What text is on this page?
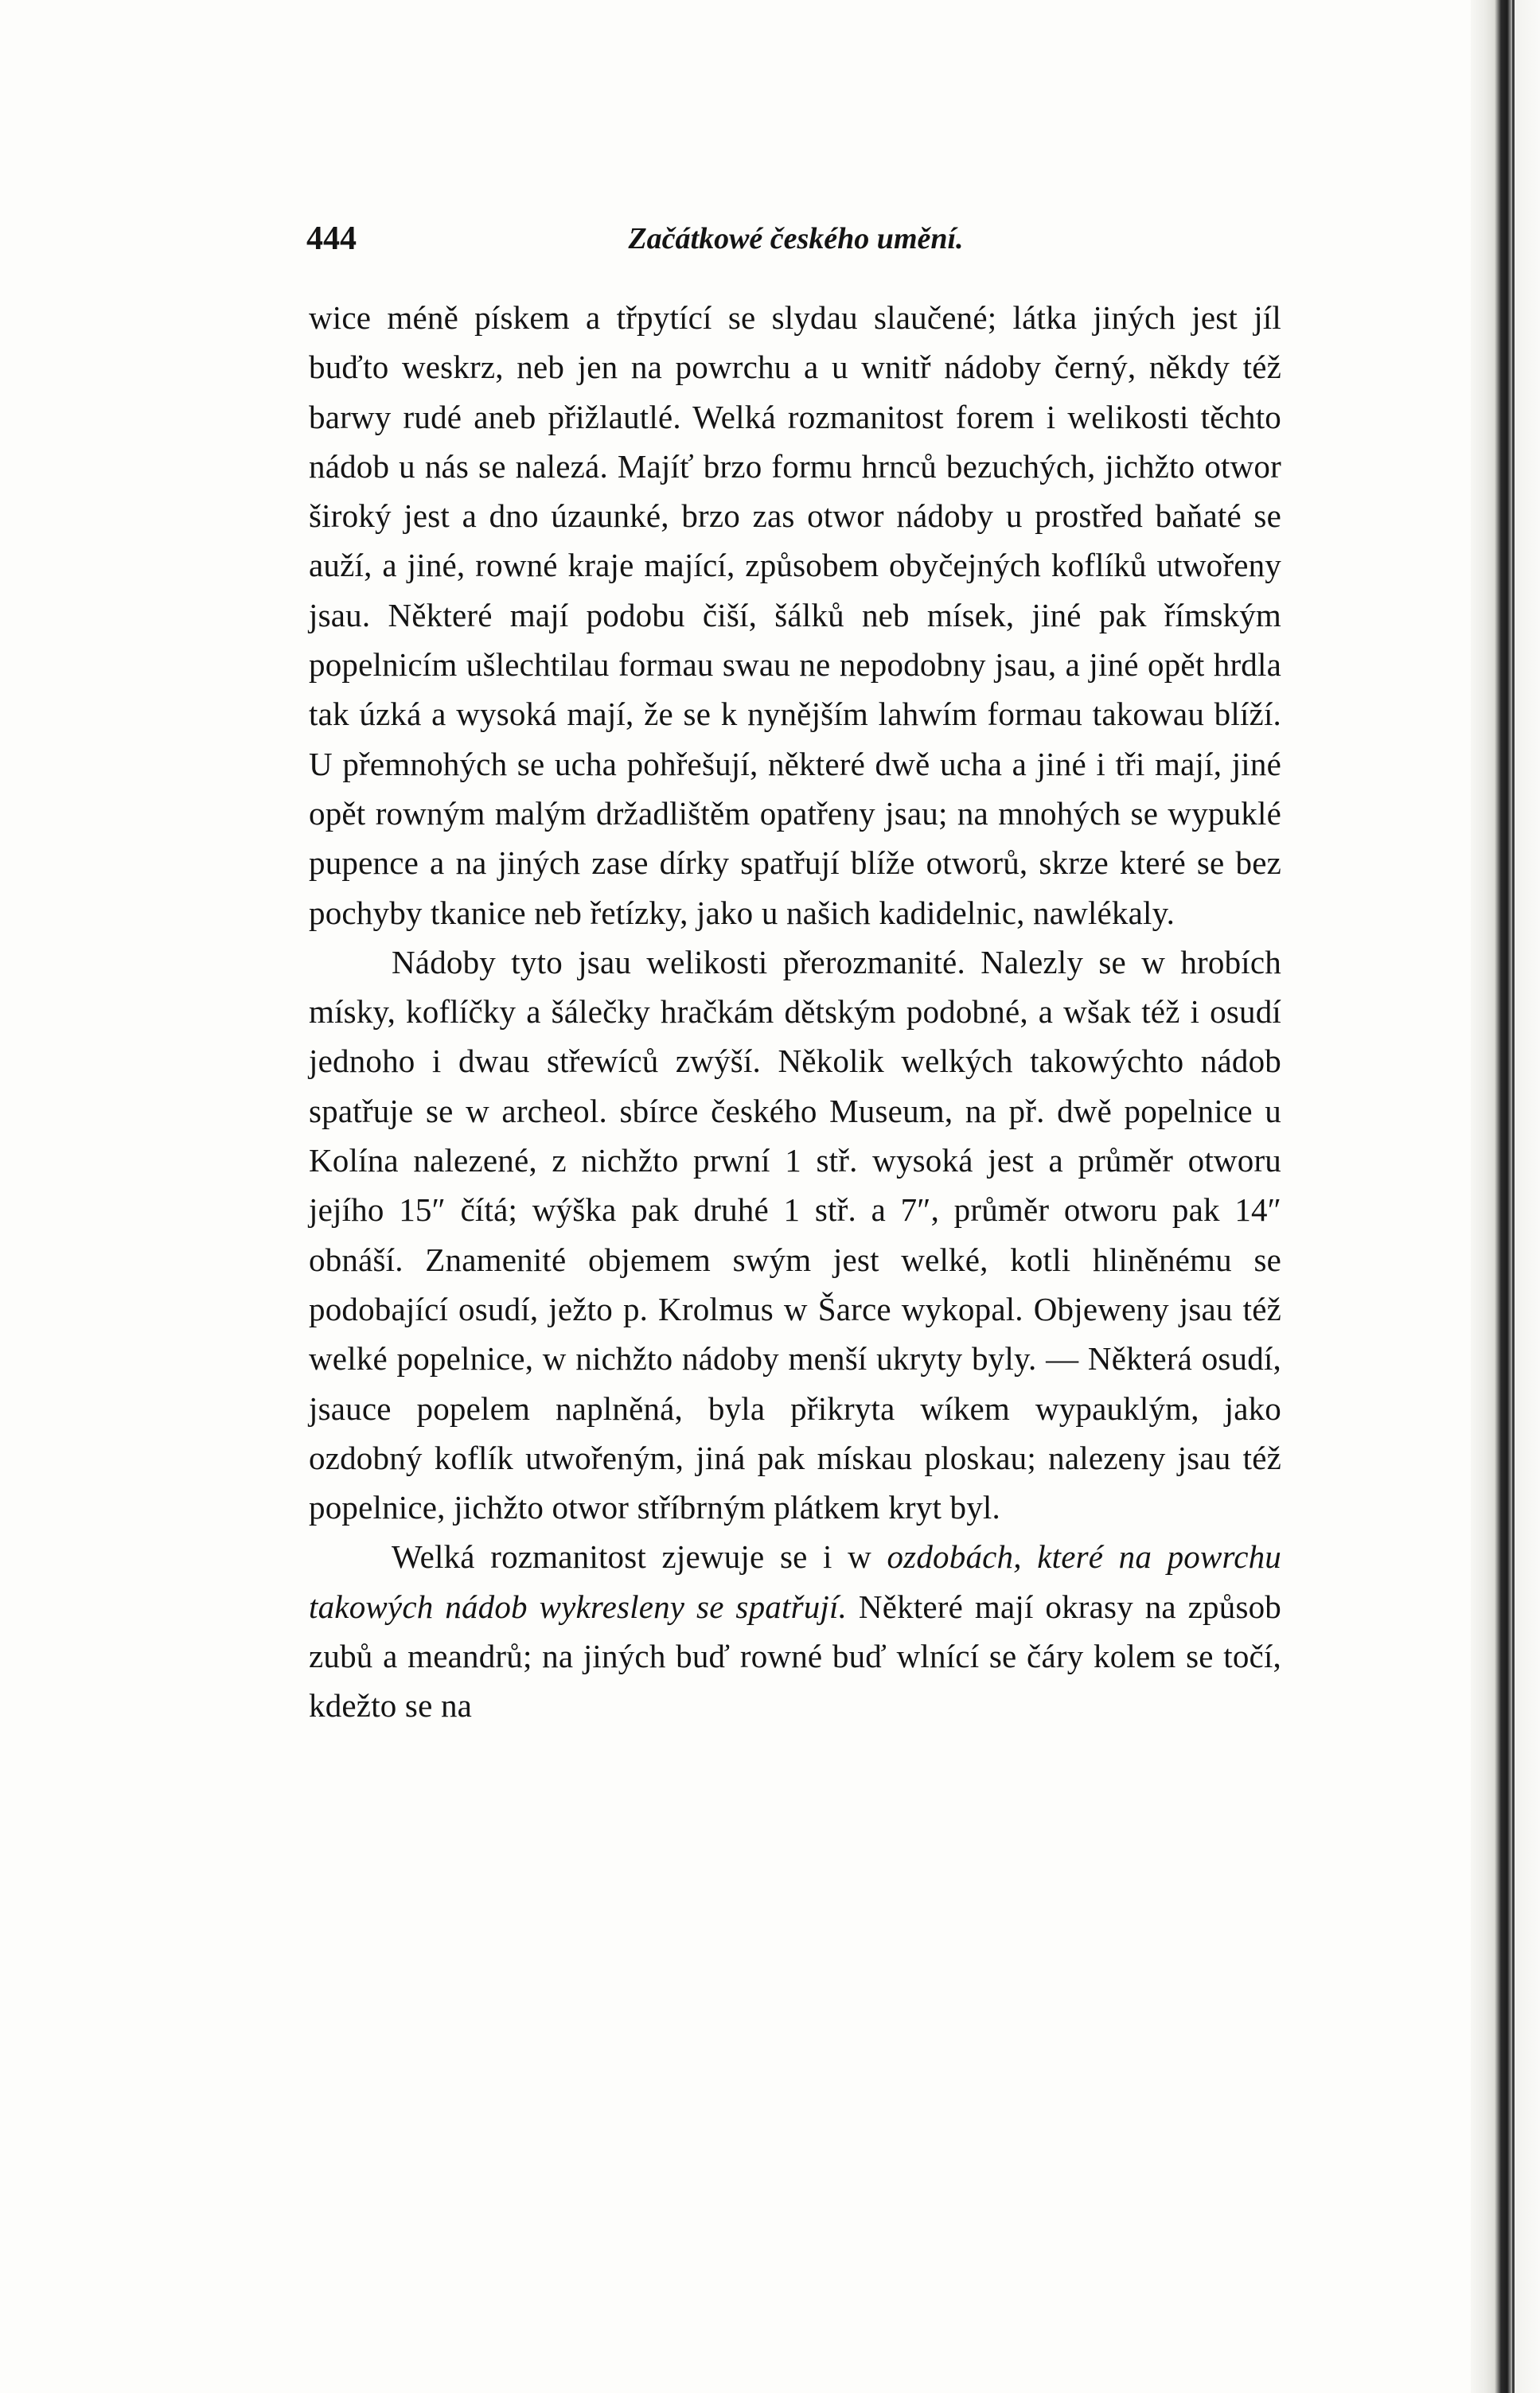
444	Začátkowé českého umění.

wice méně pískem a třpytící se slydau slaučené; látka jiných jest jíl buďto weskrz, neb jen na powrchu a u wnitř nádoby černý, někdy též barwy rudé aneb přižlautlé. Welká rozmanitost forem i welikosti těchto nádob u nás se nalezá. Majíť brzo formu hrnců bezuchých, jichžto otwor široký jest a dno úzaunké, brzo zas otwor nádoby u prostřed baňaté se auží, a jiné, rowné kraje mající, způsobem obyčejných koflíků utwořeny jsau. Některé mají podobu čiší, šálků neb mísek, jiné pak římským popelnicím ušlechtilau formau swau ne nepodobny jsau, a jiné opět hrdla tak úzká a wysoká mají, že se k nynějším lahwím formau takowau blíží. U přemnohých se ucha pohřešují, některé dwě ucha a jiné i tři mají, jiné opět rowným malým držadlištěm opatřeny jsau; na mnohých se wypuklé pupence a na jiných zase dírky spatřují blíže otworů, skrze které se bez pochyby tkanice neb řetízky, jako u našich kadidelnic, nawlékaly.

Nádoby tyto jsau welikosti přerozmanité. Nalezly se w hrobích mísky, koflíčky a šálečky hračkám dětským podobné, a wšak též i osudí jednoho i dwau střewíců zwýší. Několik welkých takowýchto nádob spatřuje se w archeol. sbírce českého Museum, na př. dwě popelnice u Kolína nalezené, z nichžto prwní 1 stř. wysoká jest a průměr otworu jejího 15″ čítá; wýška pak druhé 1 stř. a 7″, průměr otworu pak 14″ obnáší. Znamenité objemem swým jest welké, kotli hliněnému se podobající osudí, ježto p. Krolmus w Šarce wykopal. Objeweny jsau též welké popelnice, w nichžto nádoby menší ukryty byly. — Některá osudí, jsauce popelem naplněná, byla přikryta wíkem wypauklým, jako ozdobný koflík utwořeným, jiná pak mískau ploskau; nalezeny jsau též popelnice, jichžto otwor stříbrným plátkem kryt byl.

Welká rozmanitost zjewuje se i w ozdobách, které na powrchu takowých nádob wykresleny se spatřují. Některé mají okrasy na způsob zubů a meandrů; na jiných buď rowné buď wlnící se čáry kolem se točí, kdežto se na
